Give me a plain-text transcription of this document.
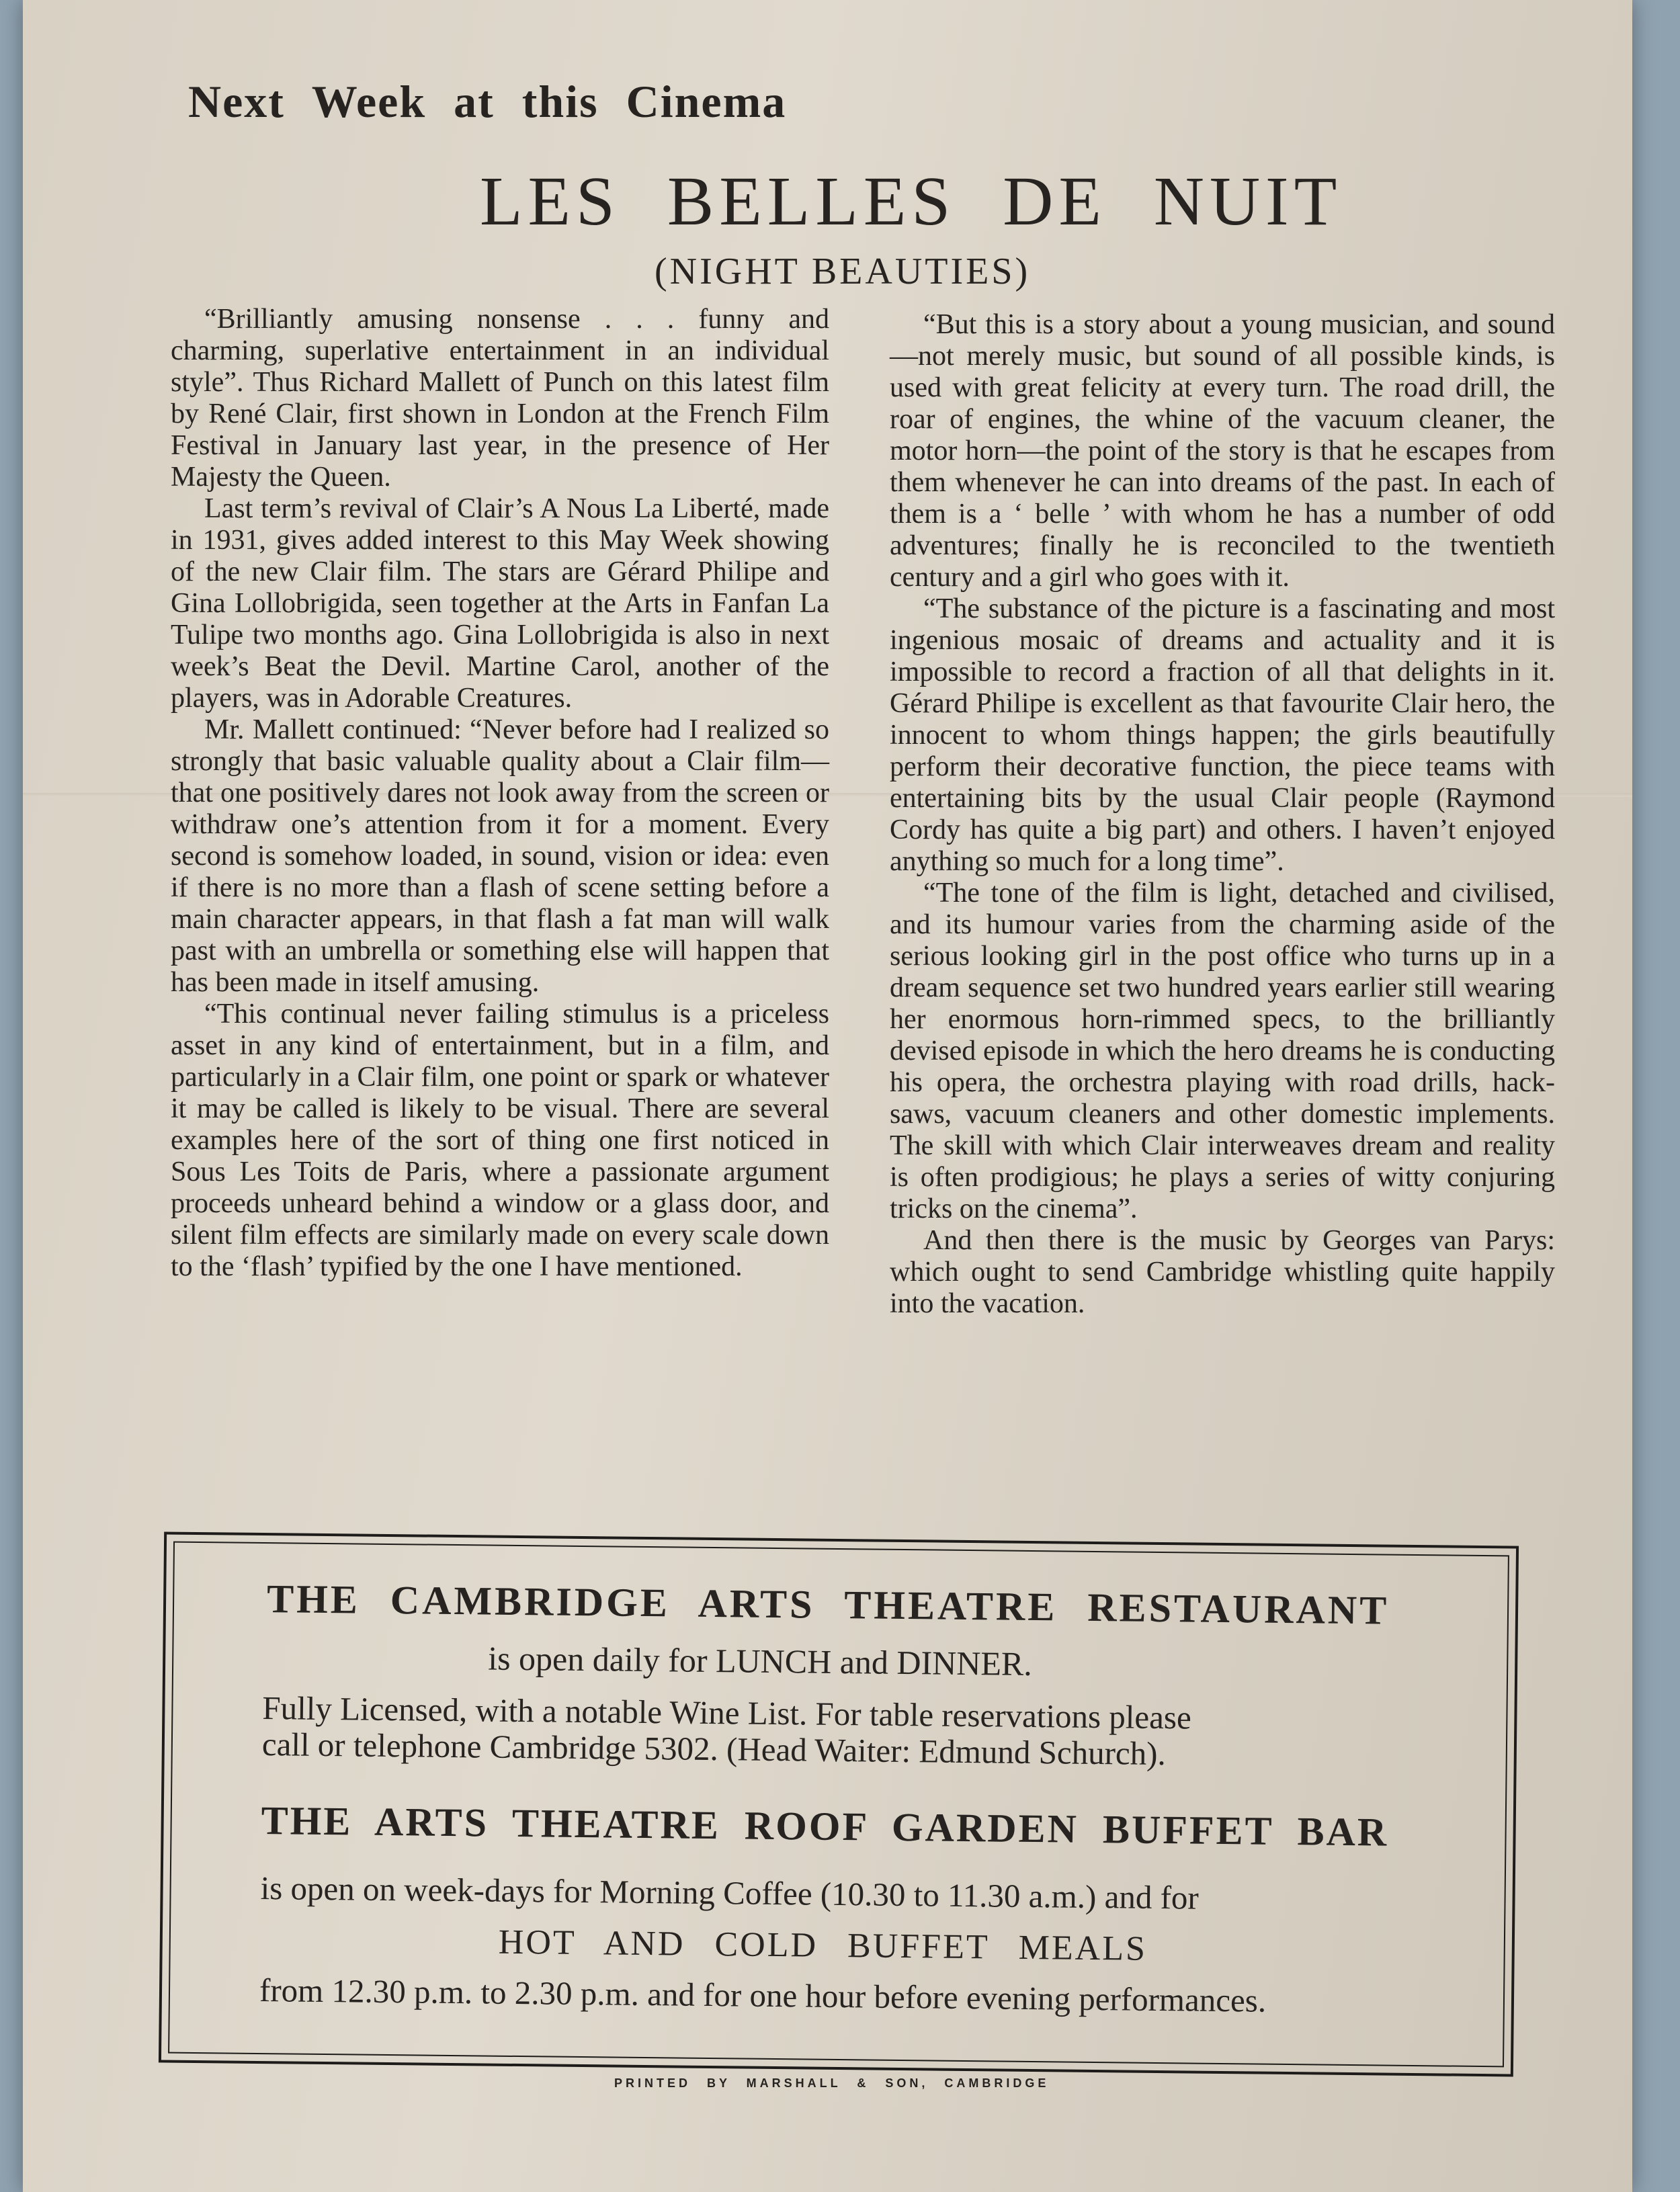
Next Week at this Cinema
LES BELLES DE NUIT
(NIGHT BEAUTIES)

“Brilliantly amusing nonsense . . . funny and charming, superlative entertainment in an individual style”. Thus Richard Mallett of Punch on this latest film by René Clair, first shown in London at the French Film Festival in January last year, in the presence of Her Majesty the Queen.

Last term’s revival of Clair’s A Nous La Liberté, made in 1931, gives added interest to this May Week showing of the new Clair film. The stars are Gérard Philipe and Gina Lollobrigida, seen together at the Arts in Fanfan La Tulipe two months ago. Gina Lollobrigida is also in next week’s Beat the Devil. Martine Carol, another of the players, was in Adorable Creatures.

Mr. Mallett continued: “Never before had I realized so strongly that basic valuable quality about a Clair film—that one positively dares not look away from the screen or withdraw one’s attention from it for a moment. Every second is somehow loaded, in sound, vision or idea: even if there is no more than a flash of scene setting before a main character appears, in that flash a fat man will walk past with an umbrella or something else will happen that has been made in itself amusing.

“This continual never failing stimulus is a priceless asset in any kind of entertainment, but in a film, and particularly in a Clair film, one point or spark or whatever it may be called is likely to be visual. There are several examples here of the sort of thing one first noticed in Sous Les Toits de Paris, where a passionate argument proceeds unheard behind a window or a glass door, and silent film effects are similarly made on every scale down to the ‘flash’ typified by the one I have mentioned.

“But this is a story about a young musician, and sound—not merely music, but sound of all possible kinds, is used with great felicity at every turn. The road drill, the roar of engines, the whine of the vacuum cleaner, the motor horn—the point of the story is that he escapes from them whenever he can into dreams of the past. In each of them is a ‘ belle ’ with whom he has a number of odd adventures; finally he is reconciled to the twentieth century and a girl who goes with it.

“The substance of the picture is a fascinating and most ingenious mosaic of dreams and actuality and it is impossible to record a fraction of all that delights in it. Gérard Philipe is excellent as that favourite Clair hero, the innocent to whom things happen; the girls beautifully perform their decorative function, the piece teams with entertaining bits by the usual Clair people (Raymond Cordy has quite a big part) and others. I haven’t enjoyed anything so much for a long time”.

“The tone of the film is light, detached and civilised, and its humour varies from the charming aside of the serious looking girl in the post office who turns up in a dream sequence set two hundred years earlier still wearing her enormous horn-rimmed specs, to the brilliantly devised episode in which the hero dreams he is conducting his opera, the orchestra playing with road drills, hack-saws, vacuum cleaners and other domestic implements. The skill with which Clair interweaves dream and reality is often prodigious; he plays a series of witty conjuring tricks on the cinema”.

And then there is the music by Georges van Parys: which ought to send Cambridge whistling quite happily into the vacation.

THE CAMBRIDGE ARTS THEATRE RESTAURANT
is open daily for LUNCH and DINNER.
Fully Licensed, with a notable Wine List. For table reservations please
call or telephone Cambridge 5302. (Head Waiter: Edmund Schurch).
THE ARTS THEATRE ROOF GARDEN BUFFET BAR
is open on week-days for Morning Coffee (10.30 to 11.30 a.m.) and for
HOT AND COLD BUFFET MEALS
from 12.30 p.m. to 2.30 p.m. and for one hour before evening performances.
PRINTED BY MARSHALL & SON, CAMBRIDGE
